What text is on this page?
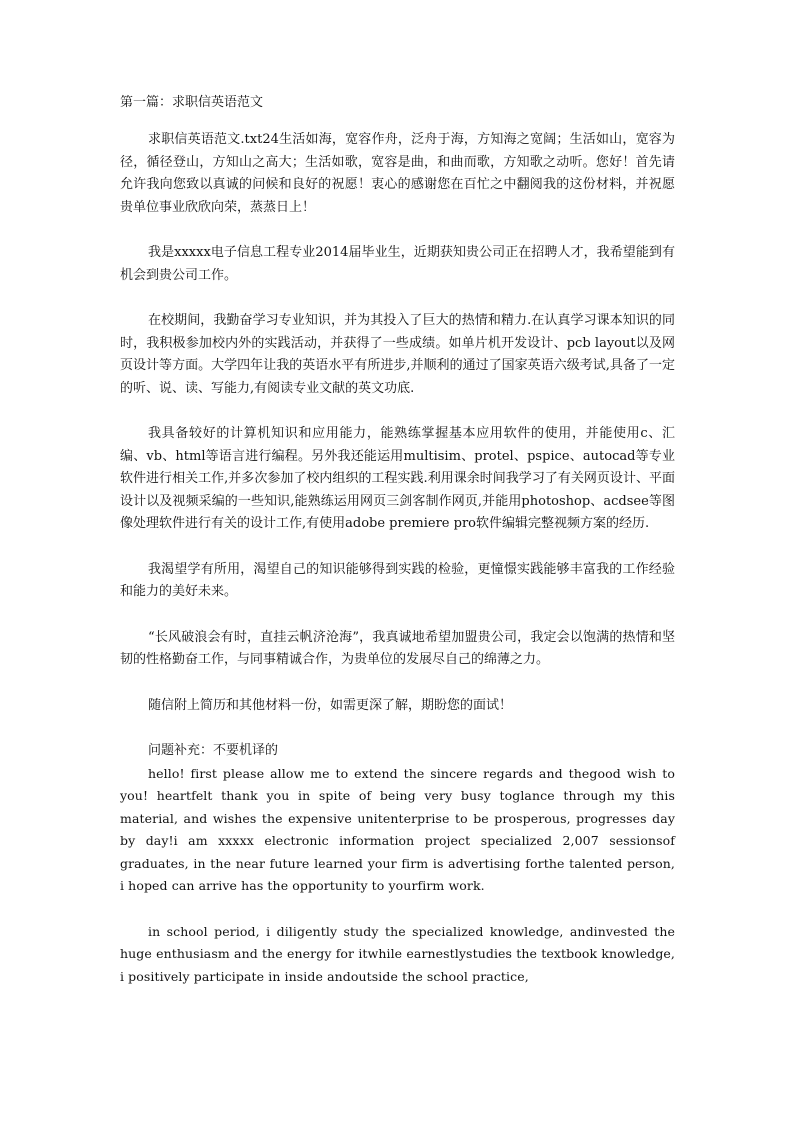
第一篇：求职信英语范文
求职信英语范文.txt24生活如海，宽容作舟，泛舟于海，方知海之宽阔；生活如山，宽容为径，循径登山，方知山之高大；生活如歌，宽容是曲，和曲而歌，方知歌之动听。您好！首先请允许我向您致以真诚的问候和良好的祝愿！衷心的感谢您在百忙之中翻阅我的这份材料，并祝愿贵单位事业欣欣向荣，蒸蒸日上！
我是xxxxx电子信息工程专业2014届毕业生，近期获知贵公司正在招聘人才，我希望能到有机会到贵公司工作。
在校期间，我勤奋学习专业知识，并为其投入了巨大的热情和精力.在认真学习课本知识的同时，我积极参加校内外的实践活动，并获得了一些成绩。如单片机开发设计、pcb layout以及网页设计等方面。大学四年让我的英语水平有所进步,并顺利的通过了国家英语六级考试,具备了一定的听、说、读、写能力,有阅读专业文献的英文功底.
我具备较好的计算机知识和应用能力，能熟练掌握基本应用软件的使用，并能使用c、汇编、vb、html等语言进行编程。另外我还能运用multisim、protel、pspice、autocad等专业软件进行相关工作,并多次参加了校内组织的工程实践.利用课余时间我学习了有关网页设计、平面设计以及视频采编的一些知识,能熟练运用网页三剑客制作网页,并能用photoshop、acdsee等图像处理软件进行有关的设计工作,有使用adobe premiere pro软件编辑完整视频方案的经历.
我渴望学有所用，渴望自己的知识能够得到实践的检验，更憧憬实践能够丰富我的工作经验和能力的美好未来。
“长风破浪会有时，直挂云帆济沧海”，我真诚地希望加盟贵公司，我定会以饱满的热情和坚韧的性格勤奋工作，与同事精诚合作，为贵单位的发展尽自己的绵薄之力。
随信附上简历和其他材料一份，如需更深了解，期盼您的面试！
问题补充：不要机译的
hello! first please allow me to extend the sincere regards and thegood wish to you! heartfelt thank you in spite of being very busy toglance through my this material, and wishes the expensive unitenterprise to be prosperous, progresses day by day!i am xxxxx electronic information project specialized 2,007 sessionsof graduates, in the near future learned your firm is advertising forthe talented person, i hoped can arrive has the opportunity to yourfirm work.
in school period, i diligently study the specialized knowledge, andinvested the huge enthusiasm and the energy for itwhile earnestlystudies the textbook knowledge, i positively participate in inside andoutside the school practice,
